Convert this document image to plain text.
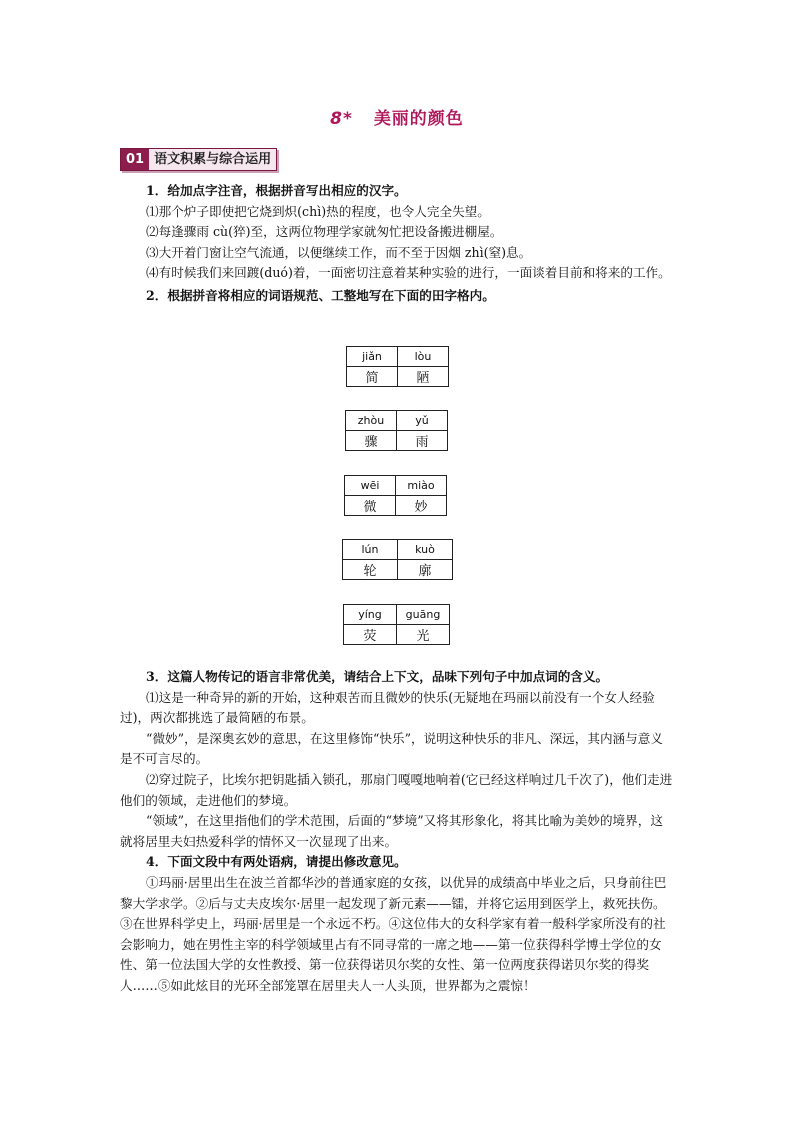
8* 美丽的颜色
01 语文积累与综合运用

1．给加点字注音，根据拼音写出相应的汉字。

⑴那个炉子即使把它烧到炽(chì)热的程度，也令人完全失望。

⑵每逢骤雨 cù(猝)至，这两位物理学家就匆忙把设备搬进棚屋。

⑶大开着门窗让空气流通，以便继续工作，而不至于因烟 zhì(窒)息。

⑷有时候我们来回踱(duó)着，一面密切注意着某种实验的进行，一面谈着目前和将来的工作。

2．根据拼音将相应的词语规范、工整地写在下面的田字格内。

jiǎn	lòu
简	陋
zhòu	yǔ
骤	雨
wēi	miào
微	妙
lún	kuò
轮	廓
yíng	guāng
荧	光

3．这篇人物传记的语言非常优美，请结合上下文，品味下列句子中加点词的含义。

⑴这是一种奇异的新的开始，这种艰苦而且微妙的快乐(无疑地在玛丽以前没有一个女人经验过)，两次都挑选了最简陋的布景。

“微妙”，是深奥玄妙的意思，在这里修饰“快乐”，说明这种快乐的非凡、深远，其内涵与意义是不可言尽的。

⑵穿过院子，比埃尔把钥匙插入锁孔，那扇门嘎嘎地响着(它已经这样响过几千次了)，他们走进他们的领域，走进他们的梦境。

“领域”，在这里指他们的学术范围，后面的“梦境”又将其形象化，将其比喻为美妙的境界，这就将居里夫妇热爱科学的情怀又一次显现了出来。

4．下面文段中有两处语病，请提出修改意见。

①玛丽·居里出生在波兰首都华沙的普通家庭的女孩，以优异的成绩高中毕业之后，只身前往巴黎大学求学。②后与丈夫皮埃尔·居里一起发现了新元素——镭，并将它运用到医学上，救死扶伤。③在世界科学史上，玛丽·居里是一个永远不朽。④这位伟大的女科学家有着一般科学家所没有的社会影响力，她在男性主宰的科学领域里占有不同寻常的一席之地——第一位获得科学博士学位的女性、第一位法国大学的女性教授、第一位获得诺贝尔奖的女性、第一位两度获得诺贝尔奖的得奖人……⑤如此炫目的光环全部笼罩在居里夫人一人头顶，世界都为之震惊！
